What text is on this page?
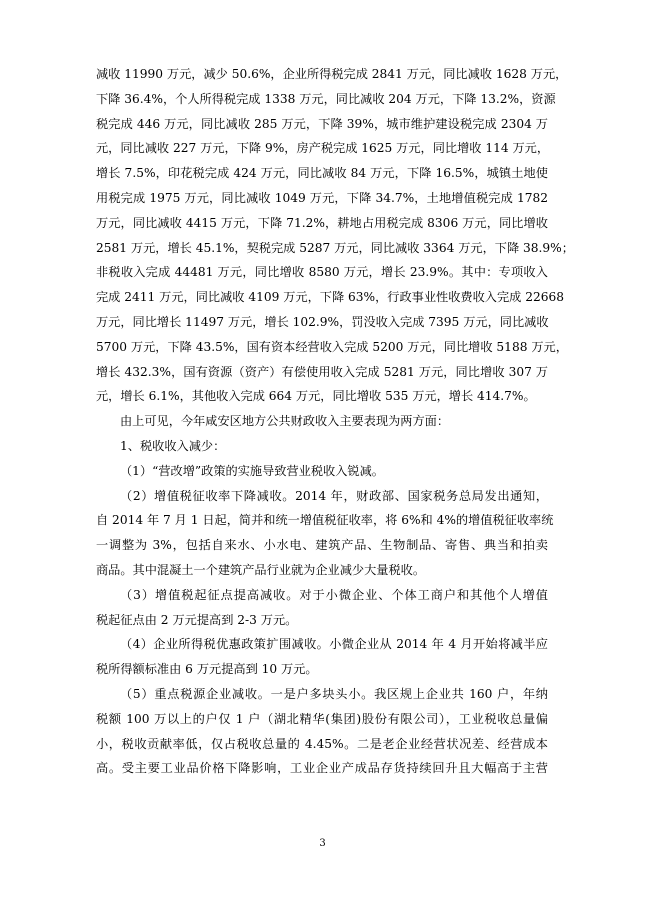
减收 11990 万元，减少 50.6%，企业所得税完成 2841 万元，同比减收 1628 万元，
下降 36.4%，个人所得税完成 1338 万元，同比减收 204 万元，下降 13.2%，资源
税完成 446 万元，同比减收 285 万元，下降 39%，城市维护建设税完成 2304 万
元，同比减收 227 万元，下降 9%，房产税完成 1625 万元，同比增收 114 万元，
增长 7.5%，印花税完成 424 万元，同比减收 84 万元，下降 16.5%，城镇土地使
用税完成 1975 万元，同比减收 1049 万元，下降 34.7%，土地增值税完成 1782
万元，同比减收 4415 万元，下降 71.2%，耕地占用税完成 8306 万元，同比增收
2581 万元，增长 45.1%，契税完成 5287 万元，同比减收 3364 万元，下降 38.9%；
非税收入完成 44481 万元，同比增收 8580 万元，增长 23.9%。其中：专项收入
完成 2411 万元，同比减收 4109 万元，下降 63%，行政事业性收费收入完成 22668
万元，同比增长 11497 万元，增长 102.9%，罚没收入完成 7395 万元，同比减收
5700 万元，下降 43.5%，国有资本经营收入完成 5200 万元，同比增收 5188 万元，
增长 432.3%，国有资源（资产）有偿使用收入完成 5281 万元，同比增收 307 万
元，增长 6.1%，其他收入完成 664 万元，同比增收 535 万元，增长 414.7%。
由上可见，今年咸安区地方公共财政收入主要表现为两方面：
1、税收收入减少：
（1）“营改增”政策的实施导致营业税收入锐减。
（2）增值税征收率下降减收。2014 年，财政部、国家税务总局发出通知，
自 2014 年 7 月 1 日起，简并和统一增值税征收率，将 6%和 4%的增值税征收率统
一调整为 3%，包括自来水、小水电、建筑产品、生物制品、寄售、典当和拍卖
商品。其中混凝土一个建筑产品行业就为企业减少大量税收。
（3）增值税起征点提高减收。对于小微企业、个体工商户和其他个人增值
税起征点由 2 万元提高到 2-3 万元。
（4）企业所得税优惠政策扩围减收。小微企业从 2014 年 4 月开始将减半应
税所得额标准由 6 万元提高到 10 万元。
（5）重点税源企业减收。一是户多块头小。我区规上企业共 160 户，年纳
税额 100 万以上的户仅 1 户（湖北精华(集团)股份有限公司），工业税收总量偏
小，税收贡献率低，仅占税收总量的 4.45%。二是老企业经营状况差、经营成本
高。受主要工业品价格下降影响，工业企业产成品存货持续回升且大幅高于主营
3
